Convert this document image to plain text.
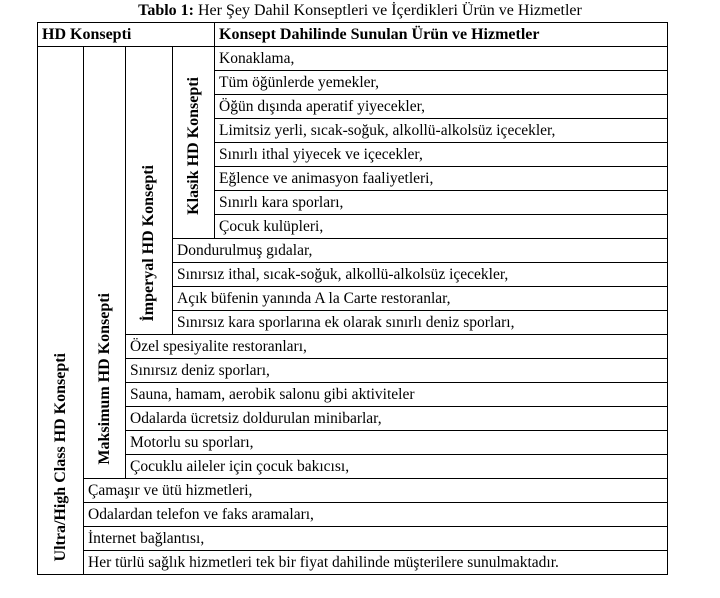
Tablo 1: Her Şey Dahil Konseptleri ve İçerdikleri Ürün ve Hizmetler
HD Konsepti				Konsept Dahilinde Sunulan Ürün ve Hizmetler
Ultra/High Class HD Konsepti	Maksimum HD Konsepti	İmperyal HD Konsepti	Klasik HD Konsepti	Konaklama,
				Tüm öğünlerde yemekler,
				Öğün dışında aperatif yiyecekler,
				Limitsiz yerli, sıcak-soğuk, alkollü-alkolsüz içecekler,
				Sınırlı ithal yiyecek ve içecekler,
				Eğlence ve animasyon faaliyetleri,
				Sınırlı kara sporları,
				Çocuk kulüpleri,
			Dondurulmuş gıdalar,	
			Sınırsız ithal, sıcak-soğuk, alkollü-alkolsüz içecekler,	
			Açık büfenin yanında A la Carte restoranlar,	
			Sınırsız kara sporlarına ek olarak sınırlı deniz sporları,	
		Özel spesiyalite restoranları,		
		Sınırsız deniz sporları,		
		Sauna, hamam, aerobik salonu gibi aktiviteler		
		Odalarda ücretsiz doldurulan minibarlar,		
		Motorlu su sporları,		
		Çocuklu aileler için çocuk bakıcısı,		
	Çamaşır ve ütü hizmetleri,			
	Odalardan telefon ve faks aramaları,			
	İnternet bağlantısı,			
	Her türlü sağlık hizmetleri tek bir fiyat dahilinde müşterilere sunulmaktadır.			
